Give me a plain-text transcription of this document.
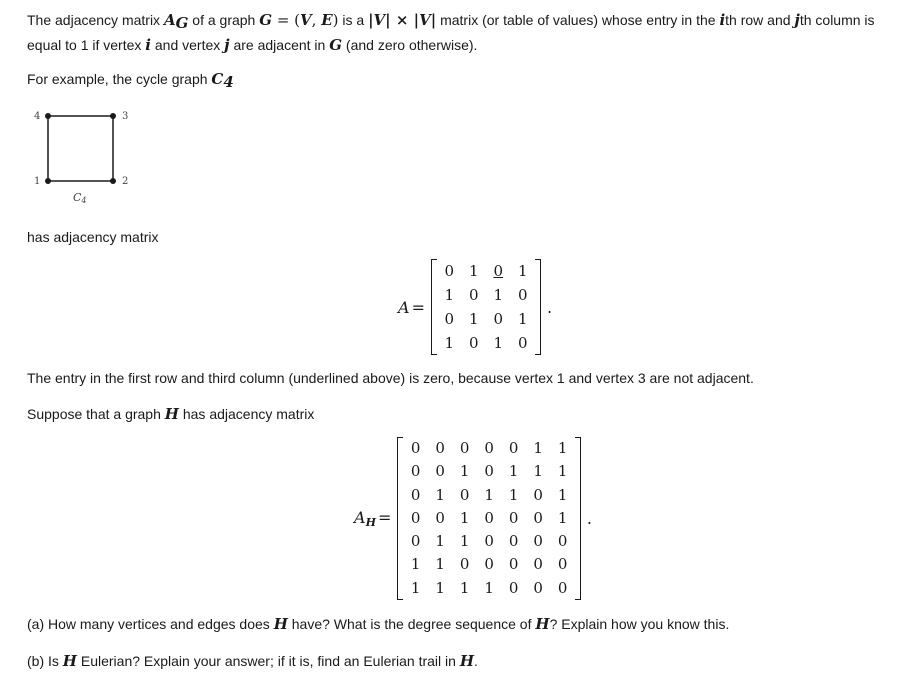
The adjacency matrix $A_G$ of a graph G = (V, E) is a |V| × |V| matrix (or table of values) whose entry in the ith row and jth column is equal to 1 if vertex i and vertex j are adjacent in G (and zero otherwise).
For example, the cycle graph $C_4$
1	2
3
4
$C_4$
has adjacency matrix
A =
0 1 0 1
1 0 1 0
0 1 0 1
1 0 1 0
.
The entry in the first row and third column (underlined above) is zero, because vertex 1 and vertex 3 are not adjacent.
Suppose that a graph H has adjacency matrix
$A_H$ =
0 0 0 0 0 1 1
0 0 1 0 1 1 1
0 1 0 1 1 0 1
0 0 1 0 0 0 1
0 1 1 0 0 0 0
1 1 0 0 0 0 0
1 1 1 1 0 0 0
.
(a) How many vertices and edges does H have? What is the degree sequence of H? Explain how you know this.
(b) Is H Eulerian? Explain your answer; if it is, find an Eulerian trail in H.
